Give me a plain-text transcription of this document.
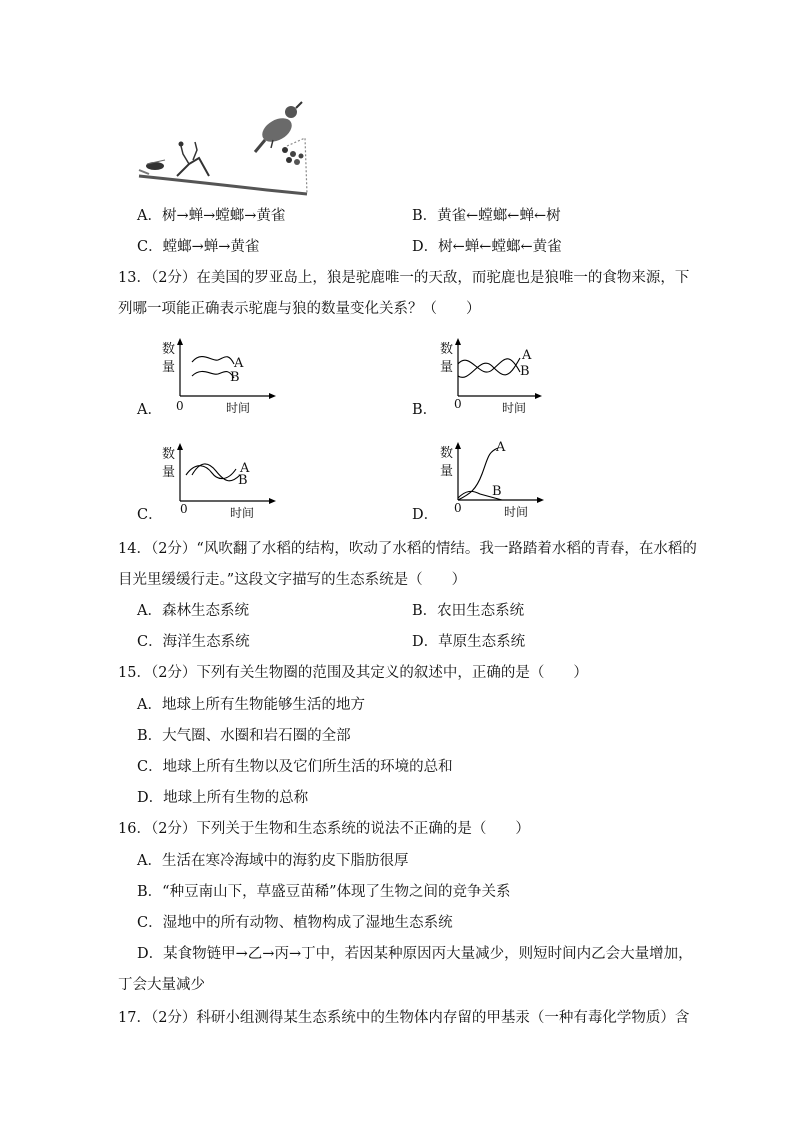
A．树→蝉→螳螂→黄雀	B．黄雀←螳螂←蝉←树
C．螳螂→蝉→黄雀	D．树←蝉←螳螂←黄雀
13．（2分）在美国的罗亚岛上，狼是驼鹿唯一的天敌，而驼鹿也是狼唯一的食物来源，下
列哪一项能正确表示驼鹿与狼的数量变化关系？（　　）
A．
数
量
0	时间
A
B
B．
数
量
0	时间
A
B
C．
数
量
0	时间
A
B
D．
数
量
0	时间
A
B
14．（2分）“风吹翻了水稻的结构，吹动了水稻的情结。我一路踏着水稻的青春，在水稻的
目光里缓缓行走。”这段文字描写的生态系统是（　　）
A．森林生态系统	B．农田生态系统
C．海洋生态系统	D．草原生态系统
15．（2分）下列有关生物圈的范围及其定义的叙述中，正确的是（　　）
A．地球上所有生物能够生活的地方
B．大气圈、水圈和岩石圈的全部
C．地球上所有生物以及它们所生活的环境的总和
D．地球上所有生物的总称
16．（2分）下列关于生物和生态系统的说法不正确的是（　　）
A．生活在寒冷海域中的海豹皮下脂肪很厚
B．“种豆南山下，草盛豆苗稀”体现了生物之间的竞争关系
C．湿地中的所有动物、植物构成了湿地生态系统
D．某食物链甲→乙→丙→丁中，若因某种原因丙大量减少，则短时间内乙会大量增加，
丁会大量减少
17．（2分）科研小组测得某生态系统中的生物体内存留的甲基汞（一种有毒化学物质）含
